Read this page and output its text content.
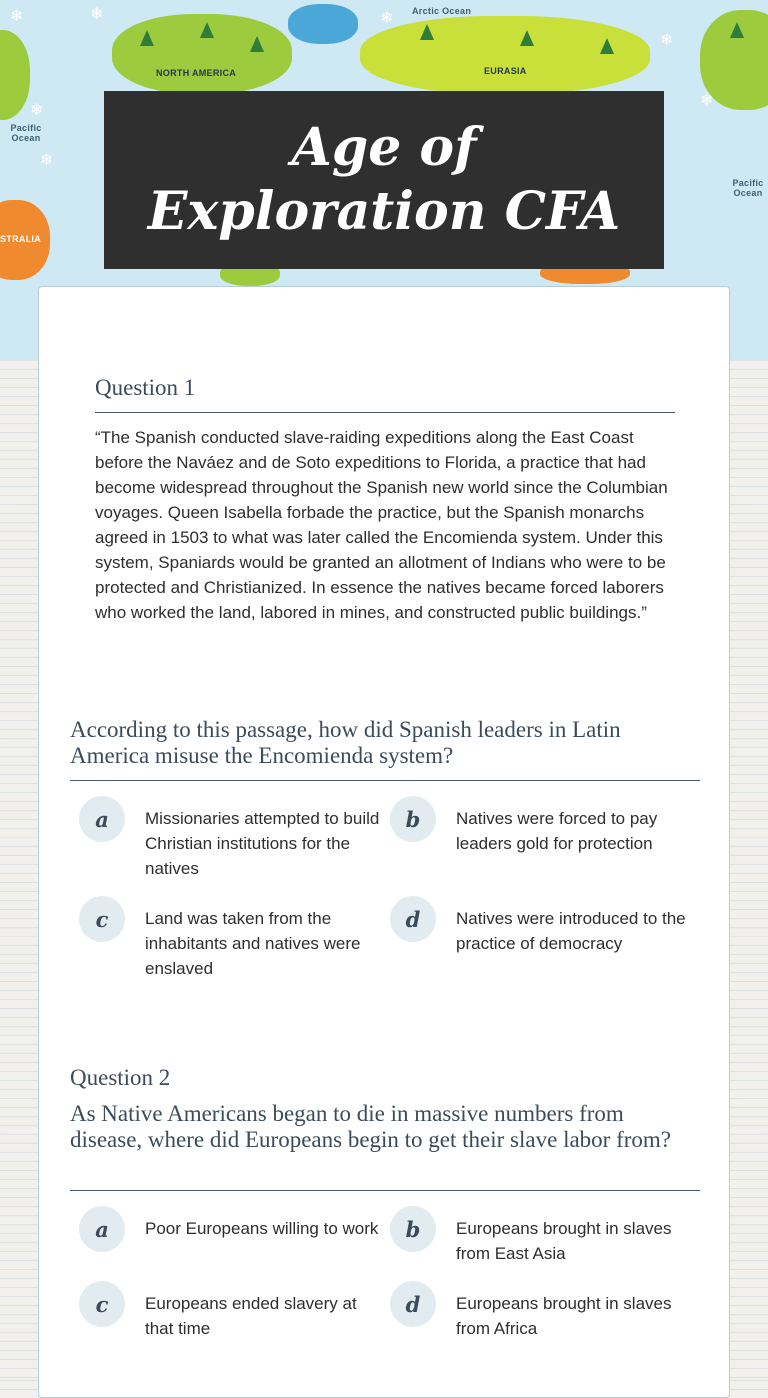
❄	❄	❄
❄
❄
❄
❄
NORTH AMERICA	EURASIA
STRALIA
Arctic Ocean
Pacific Ocean
Pacific Ocean
Age of Exploration CFA
Question 1
“The Spanish conducted slave-raiding expeditions along the East Coast before the Naváez and de Soto expeditions to Florida, a practice that had become widespread throughout the Spanish new world since the Columbian voyages. Queen Isabella forbade the practice, but the Spanish monarchs agreed in 1503 to what was later called the Encomienda system. Under this system, Spaniards would be granted an allotment of Indians who were to be protected and Christianized. In essence the natives became forced laborers who worked the land, labored in mines, and constructed public buildings.”
According to this passage, how did Spanish leaders in Latin America misuse the Encomienda system?
a	Missionaries attempted to build Christian institutions for the natives
b	Natives were forced to pay leaders gold for protection
c	Land was taken from the inhabitants and natives were enslaved
d	Natives were introduced to the practice of democracy
Question 2
As Native Americans began to die in massive numbers from disease, where did Europeans begin to get their slave labor from?
a	Poor Europeans willing to work	b	Europeans brought in slaves from East Asia
c	Europeans ended slavery at that time
d	Europeans brought in slaves from Africa
